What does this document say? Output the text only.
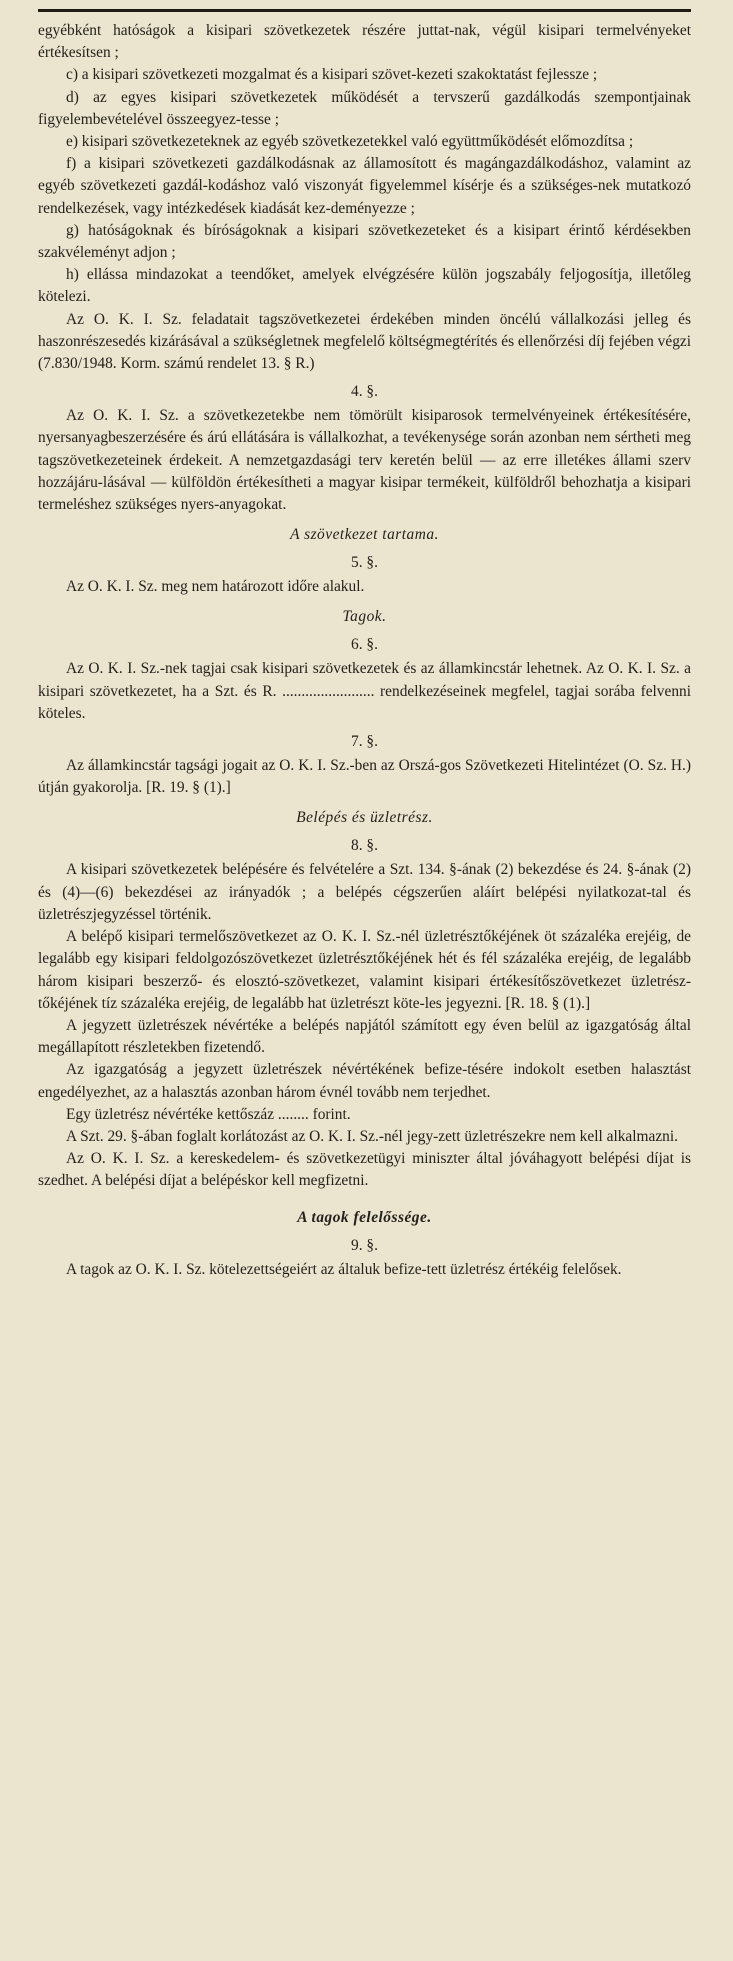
egyébként hatóságok a kisipari szövetkezetek részére juttat-nak, végül kisipari termelvényeket értékesítsen ;

c) a kisipari szövetkezeti mozgalmat és a kisipari szövet-kezeti szakoktatást fejlessze ;

d) az egyes kisipari szövetkezetek működését a tervszerű gazdálkodás szempontjainak figyelembevételével összeegyez-tesse ;

e) kisipari szövetkezeteknek az egyéb szövetkezetekkel való együttműködését előmozdítsa ;

f) a kisipari szövetkezeti gazdálkodásnak az államosított és magángazdálkodáshoz, valamint az egyéb szövetkezeti gazdál-kodáshoz való viszonyát figyelemmel kísérje és a szükséges-nek mutatkozó rendelkezések, vagy intézkedések kiadását kez-deményezze ;

g) hatóságoknak és bíróságoknak a kisipari szövetkezeteket és a kisipart érintő kérdésekben szakvéleményt adjon ;

h) ellássa mindazokat a teendőket, amelyek elvégzésére külön jogszabály feljogosítja, illetőleg kötelezi.

Az O. K. I. Sz. feladatait tagszövetkezetei érdekében minden öncélú vállalkozási jelleg és haszonrészesedés kizárásával a szükségletnek megfelelő költségmegtérítés és ellenőrzési díj fejében végzi (7.830/1948. Korm. számú rendelet 13. § R.)

4. §.

Az O. K. I. Sz. a szövetkezetekbe nem tömörült kisiparosok termelvényeinek értékesítésére, nyersanyagbeszerzésére és árú ellátására is vállalkozhat, a tevékenysége során azonban nem sértheti meg tagszövetkezeteinek érdekeit. A nemzetgazdasági terv keretén belül — az erre illetékes állami szerv hozzájáru-lásával — külföldön értékesítheti a magyar kisipar termékeit, külföldről behozhatja a kisipari termeléshez szükséges nyers-anyagokat.

A szövetkezet tartama.

5. §.

Az O. K. I. Sz. meg nem határozott időre alakul.

Tagok.

6. §.

Az O. K. I. Sz.-nek tagjai csak kisipari szövetkezetek és az államkincstár lehetnek. Az O. K. I. Sz. a kisipari szövetkezetet, ha a Szt. és R. ........................ rendelkezéseinek megfelel, tagjai sorába felvenni köteles.

7. §.

Az államkincstár tagsági jogait az O. K. I. Sz.-ben az Orszá-gos Szövetkezeti Hitelintézet (O. Sz. H.) útján gyakorolja. [R. 19. § (1).]

Belépés és üzletrész.

8. §.

A kisipari szövetkezetek belépésére és felvételére a Szt. 134. §-ának (2) bekezdése és 24. §-ának (2) és (4)—(6) bekezdései az irányadók ; a belépés cégszerűen aláírt belépési nyilatkozat-tal és üzletrészjegyzéssel történik.

A belépő kisipari termelőszövetkezet az O. K. I. Sz.-nél üzletrésztőkéjének öt százaléka erejéig, de legalább egy kisipari feldolgozószövetkezet üzletrésztőkéjének hét és fél százaléka erejéig, de legalább három kisipari beszerző- és elosztó-szövetkezet, valamint kisipari értékesítőszövetkezet üzletrész-tőkéjének tíz százaléka erejéig, de legalább hat üzletrészt köte-les jegyezni. [R. 18. § (1).]

A jegyzett üzletrészek névértéke a belépés napjától számított egy éven belül az igazgatóság által megállapított részletekben fizetendő.

Az igazgatóság a jegyzett üzletrészek névértékének befize-tésére indokolt esetben halasztást engedélyezhet, az a halasztás azonban három évnél tovább nem terjedhet.

Egy üzletrész névértéke kettőszáz ........ forint.

A Szt. 29. §-ában foglalt korlátozást az O. K. I. Sz.-nél jegy-zett üzletrészekre nem kell alkalmazni.

Az O. K. I. Sz. a kereskedelem- és szövetkezetügyi miniszter által jóváhagyott belépési díjat is szedhet. A belépési díjat a belépéskor kell megfizetni.

A tagok felelőssége.

9. §.

A tagok az O. K. I. Sz. kötelezettségeiért az általuk befize-tett üzletrész értékéig felelősek.
